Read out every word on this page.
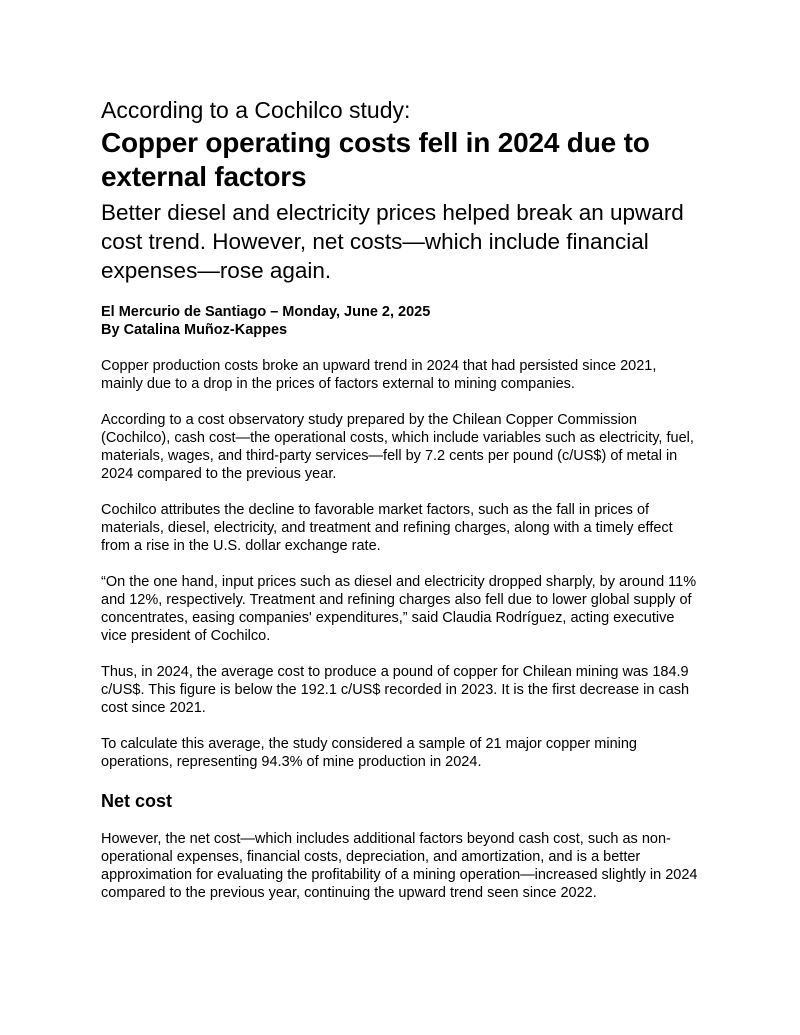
According to a Cochilco study:
Copper operating costs fell in 2024 due to external factors
Better diesel and electricity prices helped break an upward cost trend. However, net costs—which include financial expenses—rose again.
El Mercurio de Santiago – Monday, June 2, 2025
By Catalina Muñoz-Kappes

Copper production costs broke an upward trend in 2024 that had persisted since 2021, mainly due to a drop in the prices of factors external to mining companies.

According to a cost observatory study prepared by the Chilean Copper Commission (Cochilco), cash cost—the operational costs, which include variables such as electricity, fuel, materials, wages, and third-party services—fell by 7.2 cents per pound (c/US$) of metal in 2024 compared to the previous year.

Cochilco attributes the decline to favorable market factors, such as the fall in prices of materials, diesel, electricity, and treatment and refining charges, along with a timely effect from a rise in the U.S. dollar exchange rate.

“On the one hand, input prices such as diesel and electricity dropped sharply, by around 11% and 12%, respectively. Treatment and refining charges also fell due to lower global supply of concentrates, easing companies' expenditures,” said Claudia Rodríguez, acting executive vice president of Cochilco.

Thus, in 2024, the average cost to produce a pound of copper for Chilean mining was 184.9 c/US$. This figure is below the 192.1 c/US$ recorded in 2023. It is the first decrease in cash cost since 2021.

To calculate this average, the study considered a sample of 21 major copper mining operations, representing 94.3% of mine production in 2024.

Net cost

However, the net cost—which includes additional factors beyond cash cost, such as non-operational expenses, financial costs, depreciation, and amortization, and is a better approximation for evaluating the profitability of a mining operation—increased slightly in 2024 compared to the previous year, continuing the upward trend seen since 2022.
